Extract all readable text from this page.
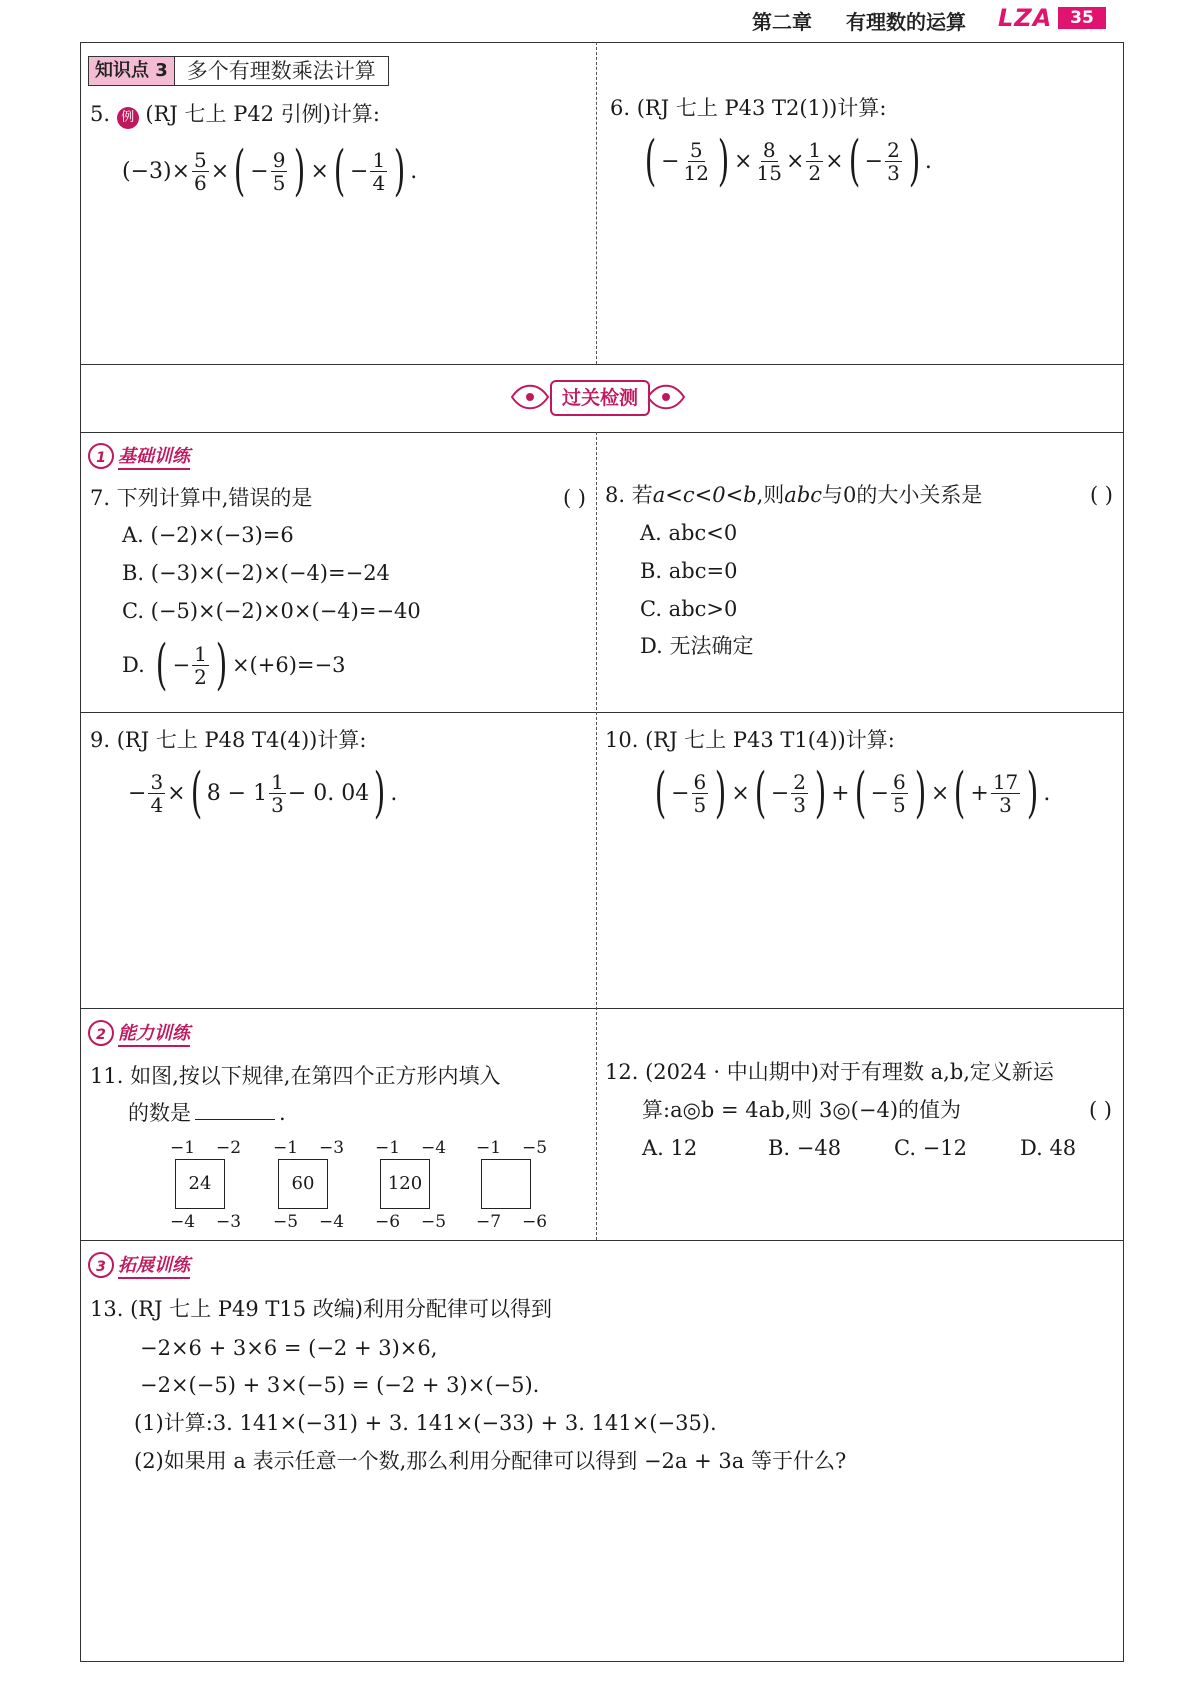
第二章 有理数的运算 LZA	35
知识点 3 多个有理数乘法计算
5. 例 (RJ 七上 P42 引例)计算:
$(-3)\times \frac{5}{6}$ × ( − $\frac{9}{5}$ ) × ( − $\frac{1}{4}$ ) .
6. (RJ 七上 P43 T2(1))计算:
( − $\frac{5}{12}$ ) × $\frac{8}{15} \times \frac{1}{2}$ × ( − $\frac{2}{3}$ ) .
过关检测
1 基础训练
7. 下列计算中,错误的是	( )
A. (−2)×(−3)=6
B. (−3)×(−2)×(−4)=−24
C. (−5)×(−2)×0×(−4)=−40
D.
( − $\frac{1}{2}$ ) ×(+6)=−3
8. 若a<c<0<b,则abc与0的大小关系是	( )
A. abc<0
B. abc=0
C. abc>0
D. 无法确定
9. (RJ 七上 P48 T4(4))计算:
− $\frac{3}{4}$ × ( $8 - 1 \frac{1}{3} - 0$. 04 ) .
10. (RJ 七上 P43 T1(4))计算:
( − $\frac{6}{5}$ ) × ( − $\frac{2}{3}$ ) + ( − $\frac{6}{5}$ ) × ( + $\frac{17}{3}$ ) .
2 能力训练
11. 如图,按以下规律,在第四个正方形内填入
的数是	.
−1 −2
24
−4 −3
−1 −3
60
−5 −4
−1 −4
120
−6 −5
−1 −5
−7 −6
12. (2024 · 中山期中)对于有理数 a,b,定义新运
算:a◎b = 4ab,则 3◎(−4)的值为	( )
A. 12	B. −48	C. −12	D. 48
3 拓展训练
13. (RJ 七上 P49 T15 改编)利用分配律可以得到
−2×6 + 3×6 = (−2 + 3)×6,
−2×(−5) + 3×(−5) = (−2 + 3)×(−5).
(1)计算:3. 141×(−31) + 3. 141×(−33) + 3. 141×(−35).
(2)如果用 a 表示任意一个数,那么利用分配律可以得到 −2a + 3a 等于什么?
